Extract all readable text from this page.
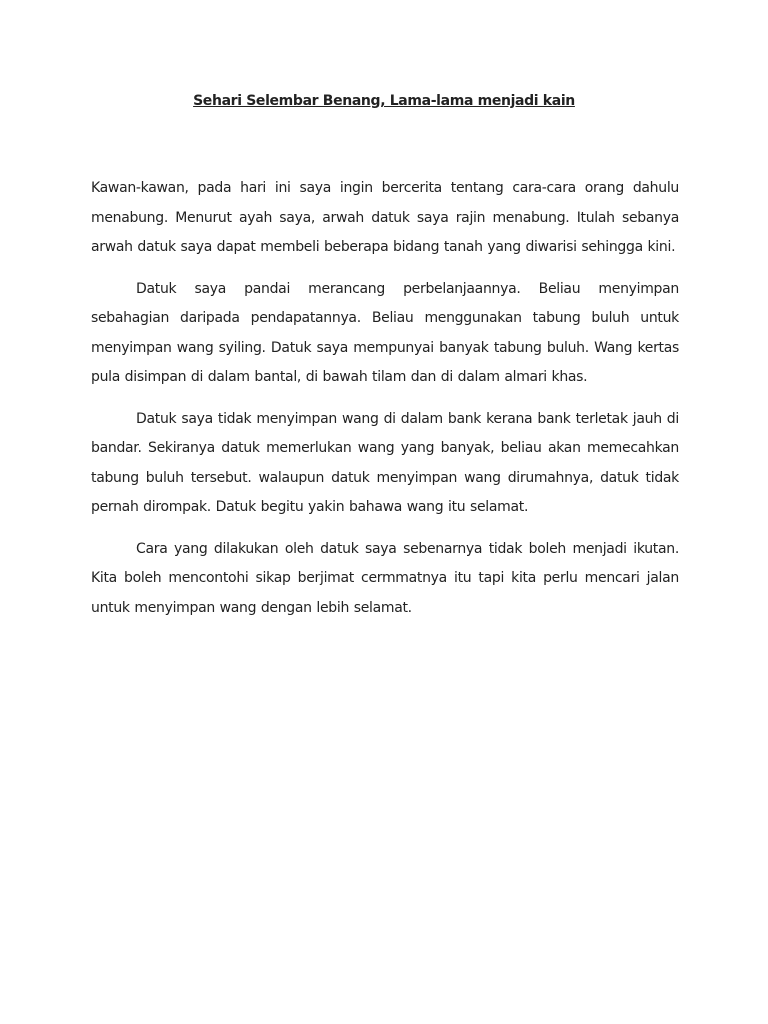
Sehari Selembar Benang, Lama-lama menjadi kain

Kawan-kawan, pada hari ini saya ingin bercerita tentang cara-cara orang dahulu menabung. Menurut ayah saya, arwah datuk saya rajin menabung. Itulah sebanya arwah datuk saya dapat membeli beberapa bidang tanah yang diwarisi sehingga kini.

Datuk saya pandai merancang perbelanjaannya. Beliau menyimpan sebahagian daripada pendapatannya. Beliau menggunakan tabung buluh untuk menyimpan wang syiling. Datuk saya mempunyai banyak tabung buluh. Wang kertas pula disimpan di dalam bantal, di bawah tilam dan di dalam almari khas.

Datuk saya tidak menyimpan wang di dalam bank kerana bank terletak jauh di bandar. Sekiranya datuk memerlukan wang yang banyak, beliau akan memecahkan tabung buluh tersebut. walaupun datuk menyimpan wang dirumahnya, datuk tidak pernah dirompak. Datuk begitu yakin bahawa wang itu selamat.

Cara yang dilakukan oleh datuk saya sebenarnya tidak boleh menjadi ikutan. Kita boleh mencontohi sikap berjimat cermmatnya itu tapi kita perlu mencari jalan untuk menyimpan wang dengan lebih selamat.
